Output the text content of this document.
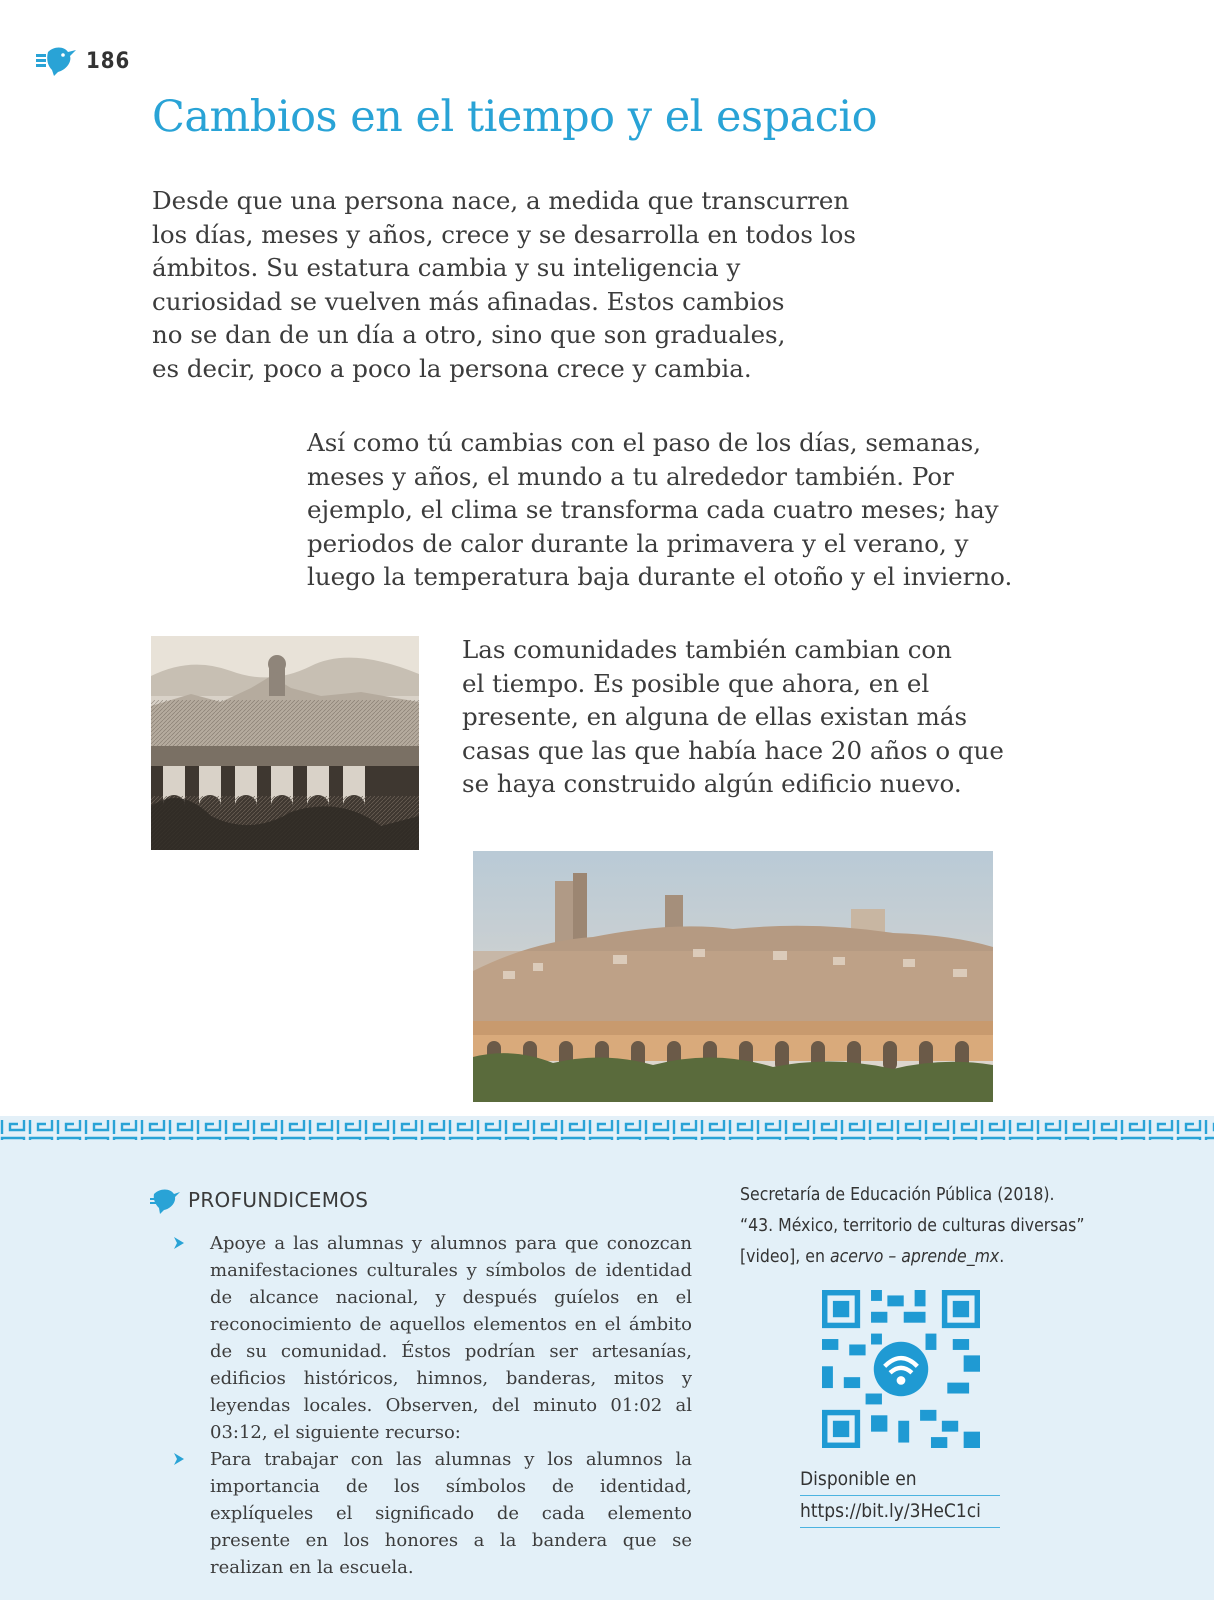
186
Cambios en el tiempo y el espacio

Desde que una persona nace, a medida que transcurren
los días, meses y años, crece y se desarrolla en todos los
ámbitos. Su estatura cambia y su inteligencia y
curiosidad se vuelven más afinadas. Estos cambios
no se dan de un día a otro, sino que son graduales,
es decir, poco a poco la persona crece y cambia.

Así como tú cambias con el paso de los días, semanas,
meses y años, el mundo a tu alrededor también. Por
ejemplo, el clima se transforma cada cuatro meses; hay
periodos de calor durante la primavera y el verano, y
luego la temperatura baja durante el otoño y el invierno.

Las comunidades también cambian con
el tiempo. Es posible que ahora, en el
presente, en alguna de ellas existan más
casas que las que había hace 20 años o que
se haya construido algún edificio nuevo.

PROFUNDICEMOS
Apoye a las alumnas y alumnos para que conozcan manifestaciones culturales y símbolos de identidad de alcance nacional, y después guíelos en el reconocimiento de aquellos elementos en el ámbito de su comunidad. Éstos podrían ser artesanías, edificios históricos, himnos, banderas, mitos y leyendas locales. Observen, del minuto 01:02 al 03:12, el siguiente recurso:
Para trabajar con las alumnas y los alumnos la importancia de los símbolos de identidad, explíqueles el significado de cada elemento presente en los honores a la bandera que se realizan en la escuela.
Secretaría de Educación Pública (2018).
“43. México, territorio de culturas diversas”
[video], en acervo – aprende_mx.
Disponible en
https://bit.ly/3HeC1ci
